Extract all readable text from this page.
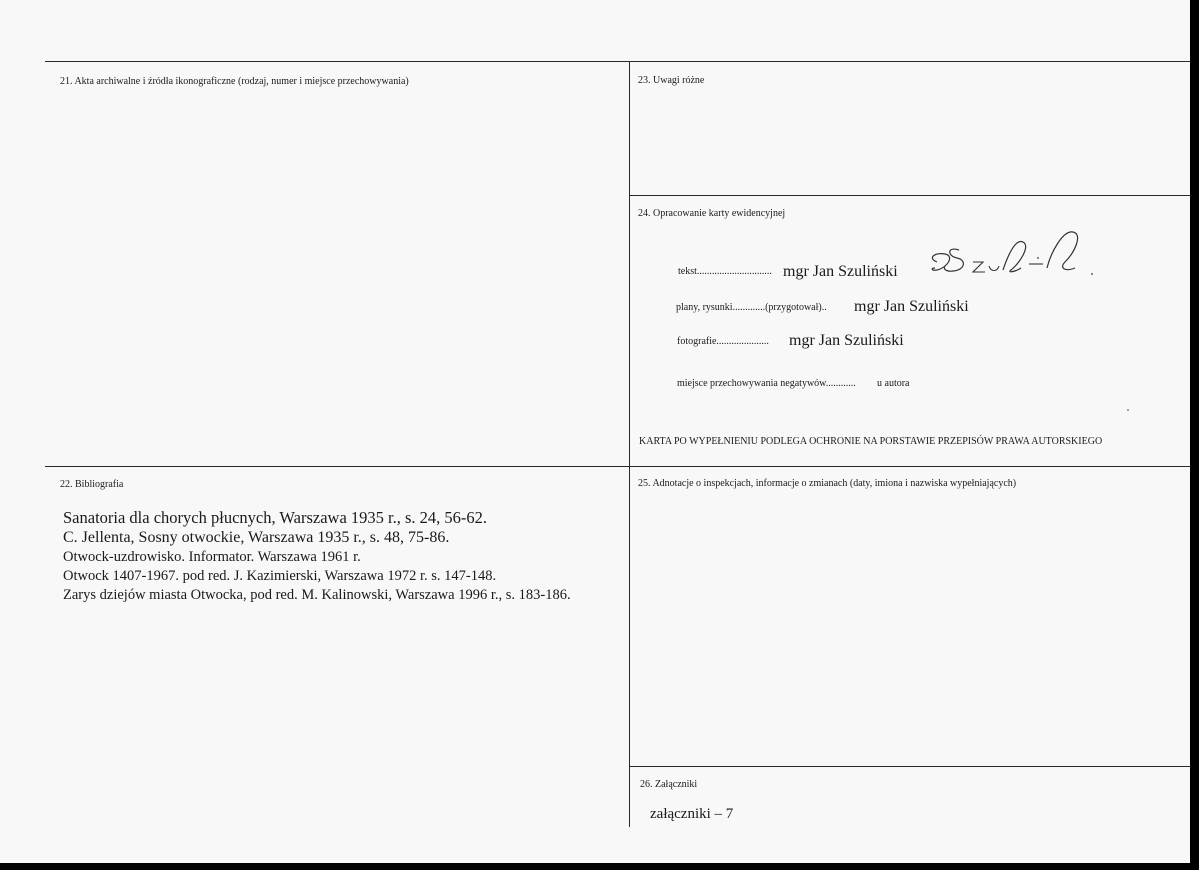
21. Akta archiwalne i źródła ikonograficzne (rodzaj, numer i miejsce przechowywania)	23. Uwagi różne
24. Opracowanie karty ewidencyjnej
tekst.............................. mgr Jan Szuliński
plany, rysunki.............(przygotował).. mgr Jan Szuliński
fotografie..................... mgr Jan Szuliński
miejsce przechowywania negatywów............ u autora
KARTA PO WYPEŁNIENIU PODLEGA OCHRONIE NA PORSTAWIE PRZEPISÓW PRAWA AUTORSKIEGO
22. Bibliografia
Sanatoria dla chorych płucnych, Warszawa 1935 r., s. 24, 56-62.
C. Jellenta, Sosny otwockie, Warszawa 1935 r., s. 48, 75-86.
Otwock-uzdrowisko. Informator. Warszawa 1961 r.
Otwock 1407-1967. pod red. J. Kazimierski, Warszawa 1972 r. s. 147-148.
Zarys dziejów miasta Otwocka, pod red. M. Kalinowski, Warszawa 1996 r., s. 183-186.
25. Adnotacje o inspekcjach, informacje o zmianach (daty, imiona i nazwiska wypełniających)
26. Załączniki
załączniki – 7
